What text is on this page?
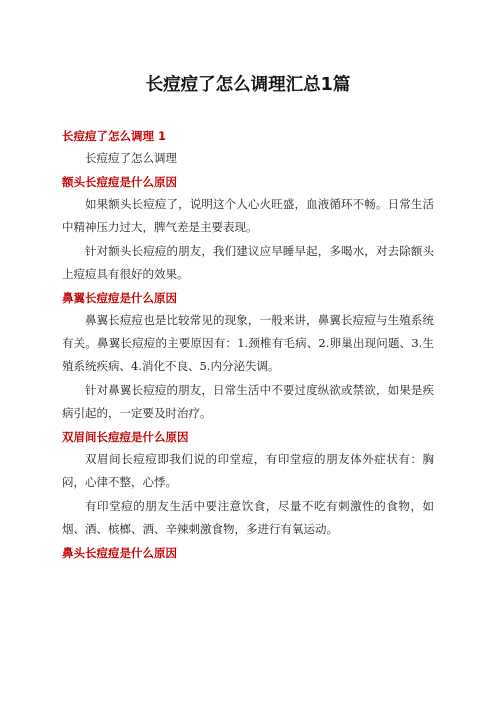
长痘痘了怎么调理汇总1篇
长痘痘了怎么调理 1

长痘痘了怎么调理

额头长痘痘是什么原因

如果额头长痘痘了，说明这个人心火旺盛，血液循环不畅。日常生活中精神压力过大，脾气差是主要表现。

针对额头长痘痘的朋友，我们建议应早睡早起，多喝水，对去除额头上痘痘具有很好的效果。

鼻翼长痘痘是什么原因

鼻翼长痘痘也是比较常见的现象，一般来讲，鼻翼长痘痘与生殖系统有关。鼻翼长痘痘的主要原因有：1.颈椎有毛病、2.卵巢出现问题、3.生殖系统疾病、4.消化不良、5.内分泌失调。

针对鼻翼长痘痘的朋友，日常生活中不要过度纵欲或禁欲，如果是疾病引起的，一定要及时治疗。

双眉间长痘痘是什么原因

双眉间长痘痘即我们说的印堂痘，有印堂痘的朋友体外症状有：胸闷，心律不整，心悸。

有印堂痘的朋友生活中要注意饮食，尽量不吃有刺激性的食物，如烟、酒、槟榔、酒、辛辣刺激食物，多进行有氧运动。

鼻头长痘痘是什么原因
